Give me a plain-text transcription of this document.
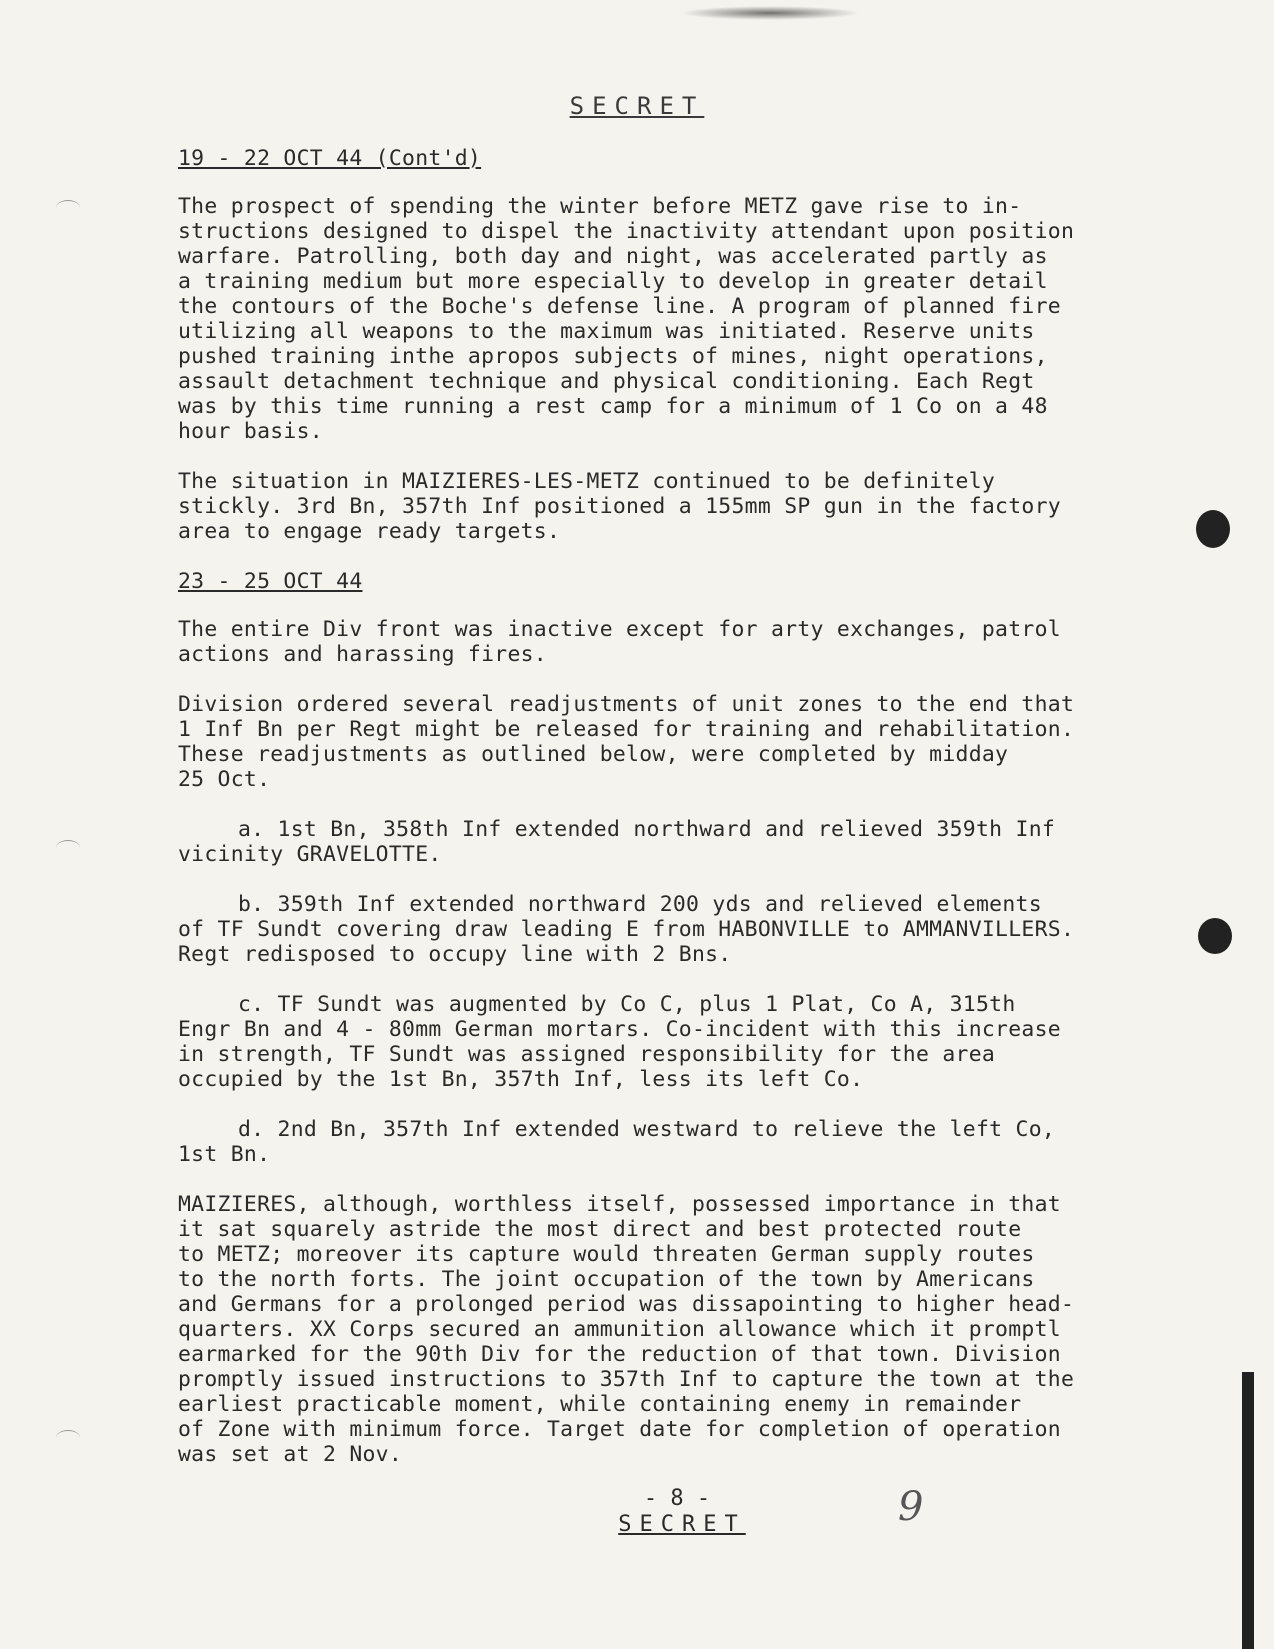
SECRET
19 - 22 OCT 44 (Cont'd)
The prospect of spending the winter before METZ gave rise to in-
structions designed to dispel the inactivity attendant upon position
warfare. Patrolling, both day and night, was accelerated partly as
a training medium but more especially to develop in greater detail
the contours of the Boche's defense line. A program of planned fire
utilizing all weapons to the maximum was initiated. Reserve units
pushed training inthe apropos subjects of mines, night operations,
assault detachment technique and physical conditioning. Each Regt
was by this time running a rest camp for a minimum of 1 Co on a 48
hour basis.
The situation in MAIZIERES-LES-METZ continued to be definitely
stickly. 3rd Bn, 357th Inf positioned a 155mm SP gun in the factory
area to engage ready targets.
23 - 25 OCT 44
The entire Div front was inactive except for arty exchanges, patrol
actions and harassing fires.
Division ordered several readjustments of unit zones to the end that
1 Inf Bn per Regt might be released for training and rehabilitation.
These readjustments as outlined below, were completed by midday
25 Oct.
a. 1st Bn, 358th Inf extended northward and relieved 359th Inf
vicinity GRAVELOTTE.
b. 359th Inf extended northward 200 yds and relieved elements
of TF Sundt covering draw leading E from HABONVILLE to AMMANVILLERS.
Regt redisposed to occupy line with 2 Bns.
c. TF Sundt was augmented by Co C, plus 1 Plat, Co A, 315th
Engr Bn and 4 - 80mm German mortars. Co-incident with this increase
in strength, TF Sundt was assigned responsibility for the area
occupied by the 1st Bn, 357th Inf, less its left Co.
d. 2nd Bn, 357th Inf extended westward to relieve the left Co,
1st Bn.
MAIZIERES, although, worthless itself, possessed importance in that
it sat squarely astride the most direct and best protected route
to METZ; moreover its capture would threaten German supply routes
to the north forts. The joint occupation of the town by Americans
and Germans for a prolonged period was dissapointing to higher head-
quarters. XX Corps secured an ammunition allowance which it promptl
earmarked for the 90th Div for the reduction of that town. Division
promptly issued instructions to 357th Inf to capture the town at the
earliest practicable moment, while containing enemy in remainder
of Zone with minimum force. Target date for completion of operation
was set at 2 Nov.
- 8 -
SECRET	9
